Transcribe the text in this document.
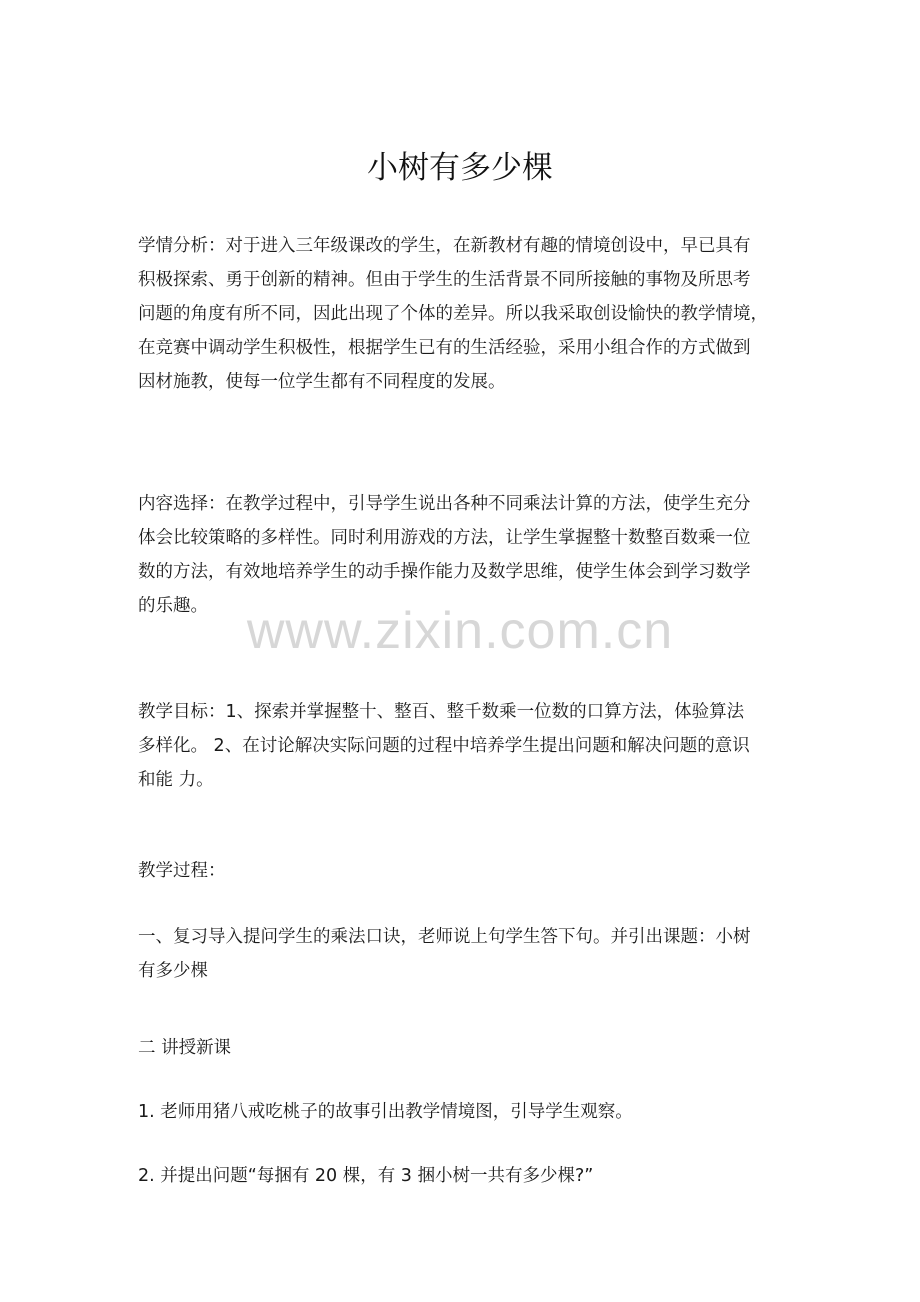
小树有多少棵
www.zixin.com.cn
学情分析：对于进入三年级课改的学生，在新教材有趣的情境创设中，早已具有
积极探索、勇于创新的精神。但由于学生的生活背景不同所接触的事物及所思考
问题的角度有所不同，因此出现了个体的差异。所以我采取创设愉快的教学情境，
在竞赛中调动学生积极性，根据学生已有的生活经验，采用小组合作的方式做到
因材施教，使每一位学生都有不同程度的发展。
内容选择：在教学过程中，引导学生说出各种不同乘法计算的方法，使学生充分
体会比较策略的多样性。同时利用游戏的方法，让学生掌握整十数整百数乘一位
数的方法，有效地培养学生的动手操作能力及数学思维，使学生体会到学习数学
的乐趣。
教学目标：1、探索并掌握整十、整百、整千数乘一位数的口算方法，体验算法
多样化。 2、在讨论解决实际问题的过程中培养学生提出问题和解决问题的意识
和能 力。
教学过程：
一、复习导入提问学生的乘法口诀，老师说上句学生答下句。并引出课题：小树
有多少棵
二 讲授新课
1. 老师用猪八戒吃桃子的故事引出教学情境图，引导学生观察。
2. 并提出问题“每捆有 20 棵，有 3 捆小树一共有多少棵?”
